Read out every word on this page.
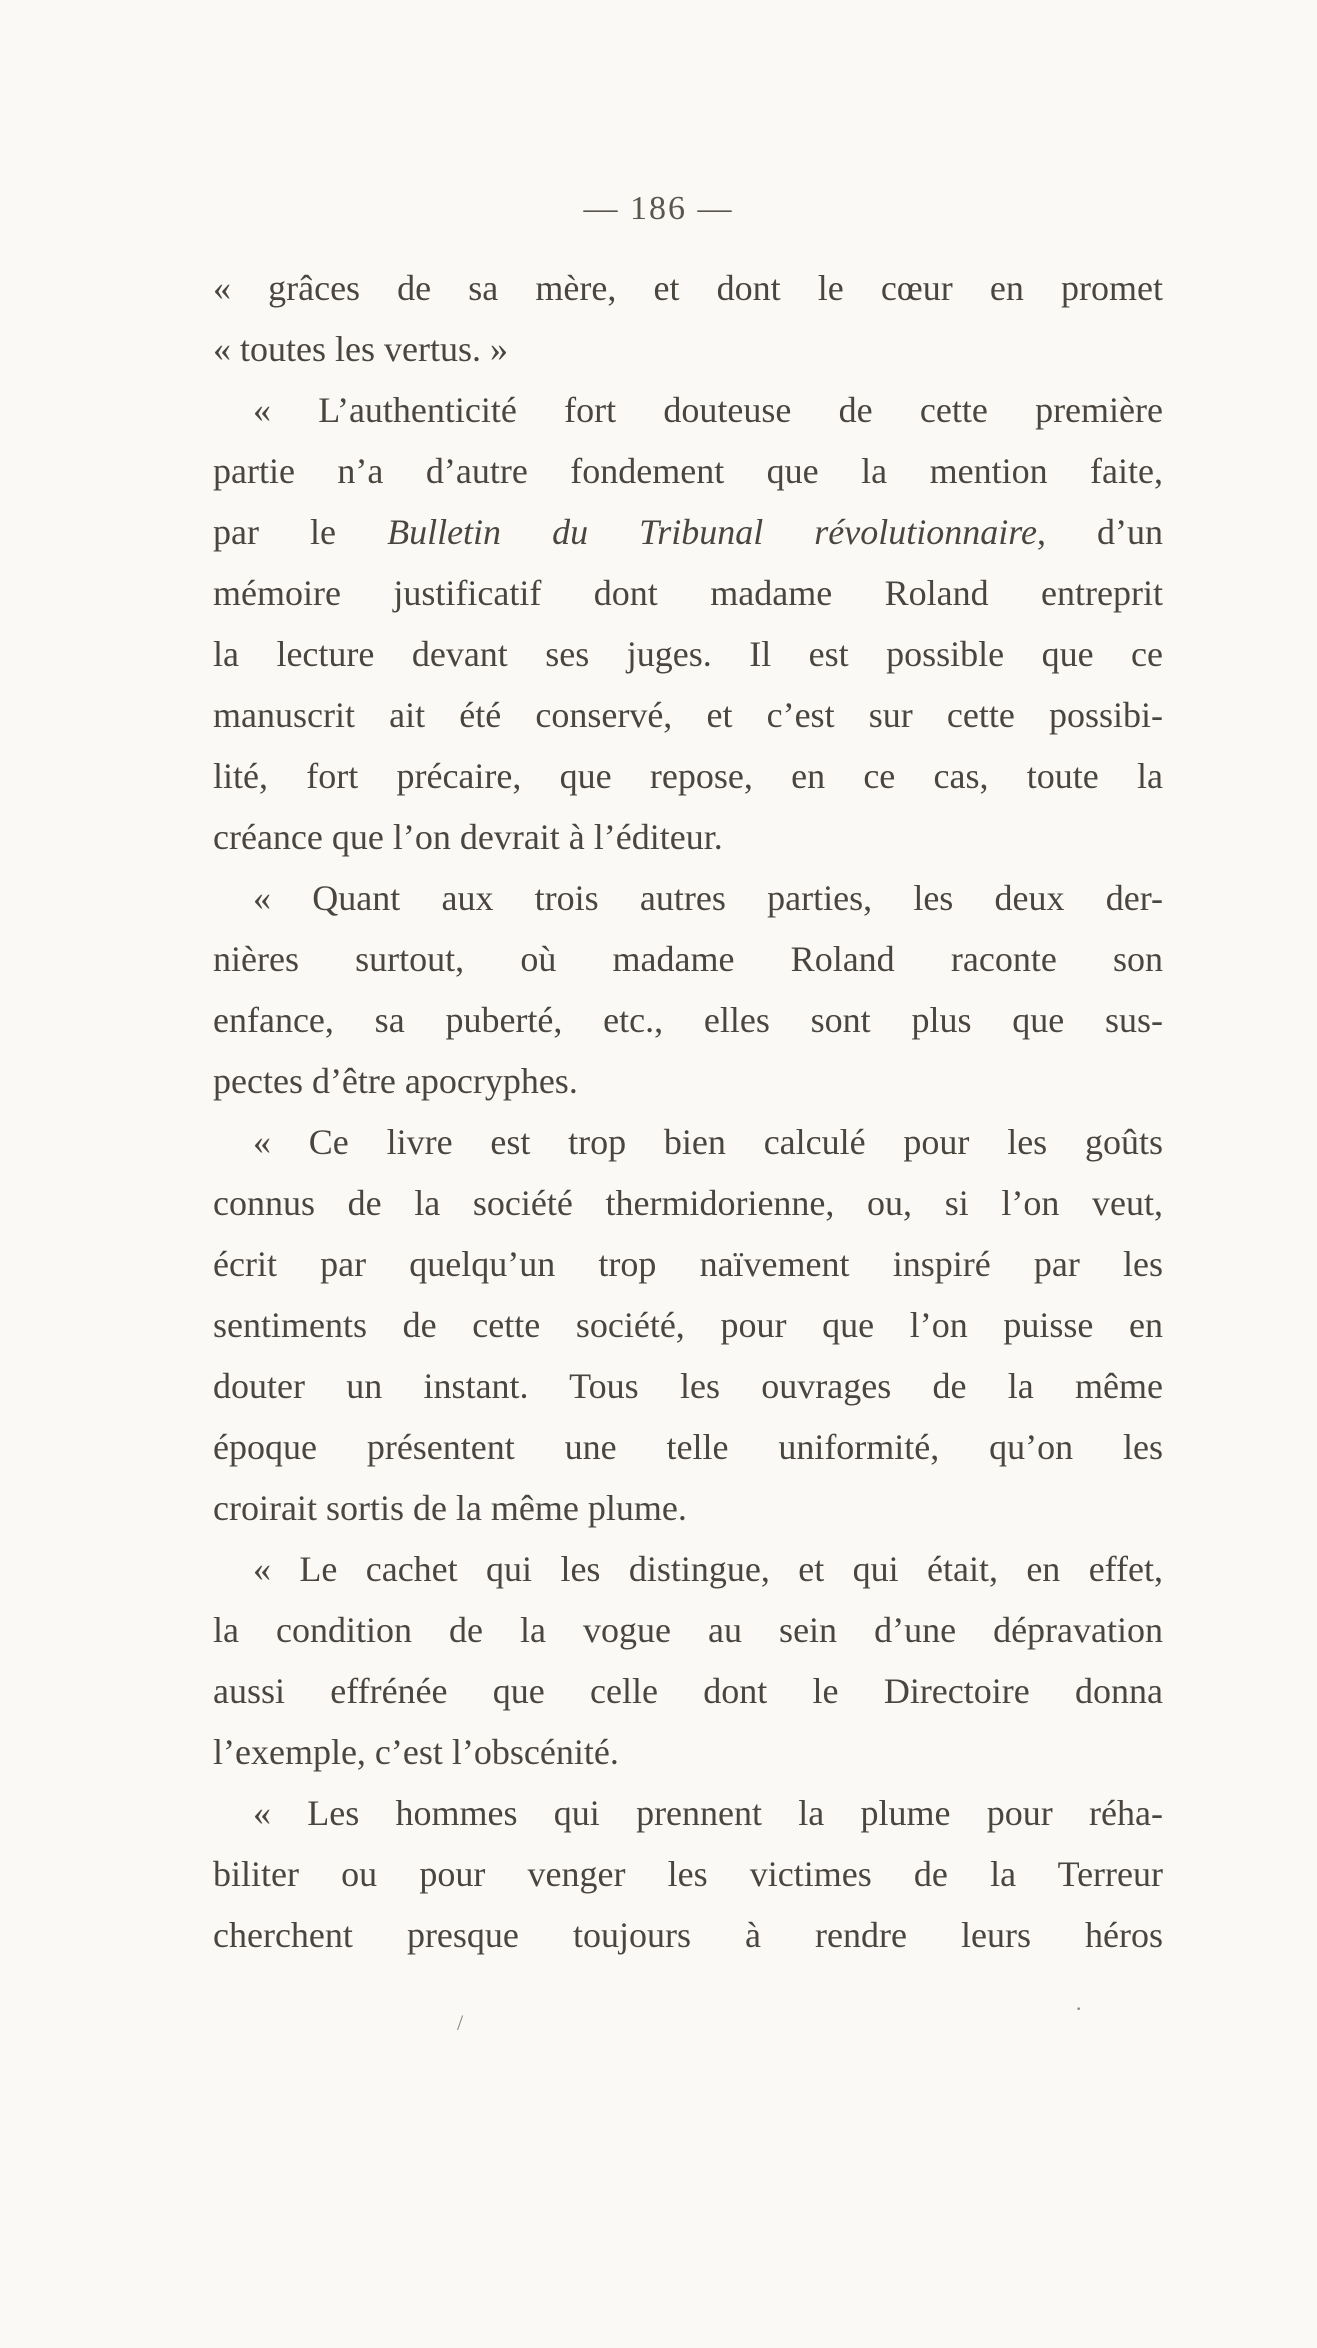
— 186 —
« grâces de sa mère, et dont le cœur en promet
« toutes les vertus. »
« L’authenticité fort douteuse de cette première
partie n’a d’autre fondement que la mention faite,
par le Bulletin du Tribunal révolutionnaire, d’un
mémoire justificatif dont madame Roland entreprit
la lecture devant ses juges. Il est possible que ce
manuscrit ait été conservé, et c’est sur cette possibi-
lité, fort précaire, que repose, en ce cas, toute la
créance que l’on devrait à l’éditeur.
« Quant aux trois autres parties, les deux der-
nières surtout, où madame Roland raconte son
enfance, sa puberté, etc., elles sont plus que sus-
pectes d’être apocryphes.
« Ce livre est trop bien calculé pour les goûts
connus de la société thermidorienne, ou, si l’on veut,
écrit par quelqu’un trop naïvement inspiré par les
sentiments de cette société, pour que l’on puisse en
douter un instant. Tous les ouvrages de la même
époque présentent une telle uniformité, qu’on les
croirait sortis de la même plume.
« Le cachet qui les distingue, et qui était, en effet,
la condition de la vogue au sein d’une dépravation
aussi effrénée que celle dont le Directoire donna
l’exemple, c’est l’obscénité.
« Les hommes qui prennent la plume pour réha-
biliter ou pour venger les victimes de la Terreur
cherchent presque toujours à rendre leurs héros
/
·
